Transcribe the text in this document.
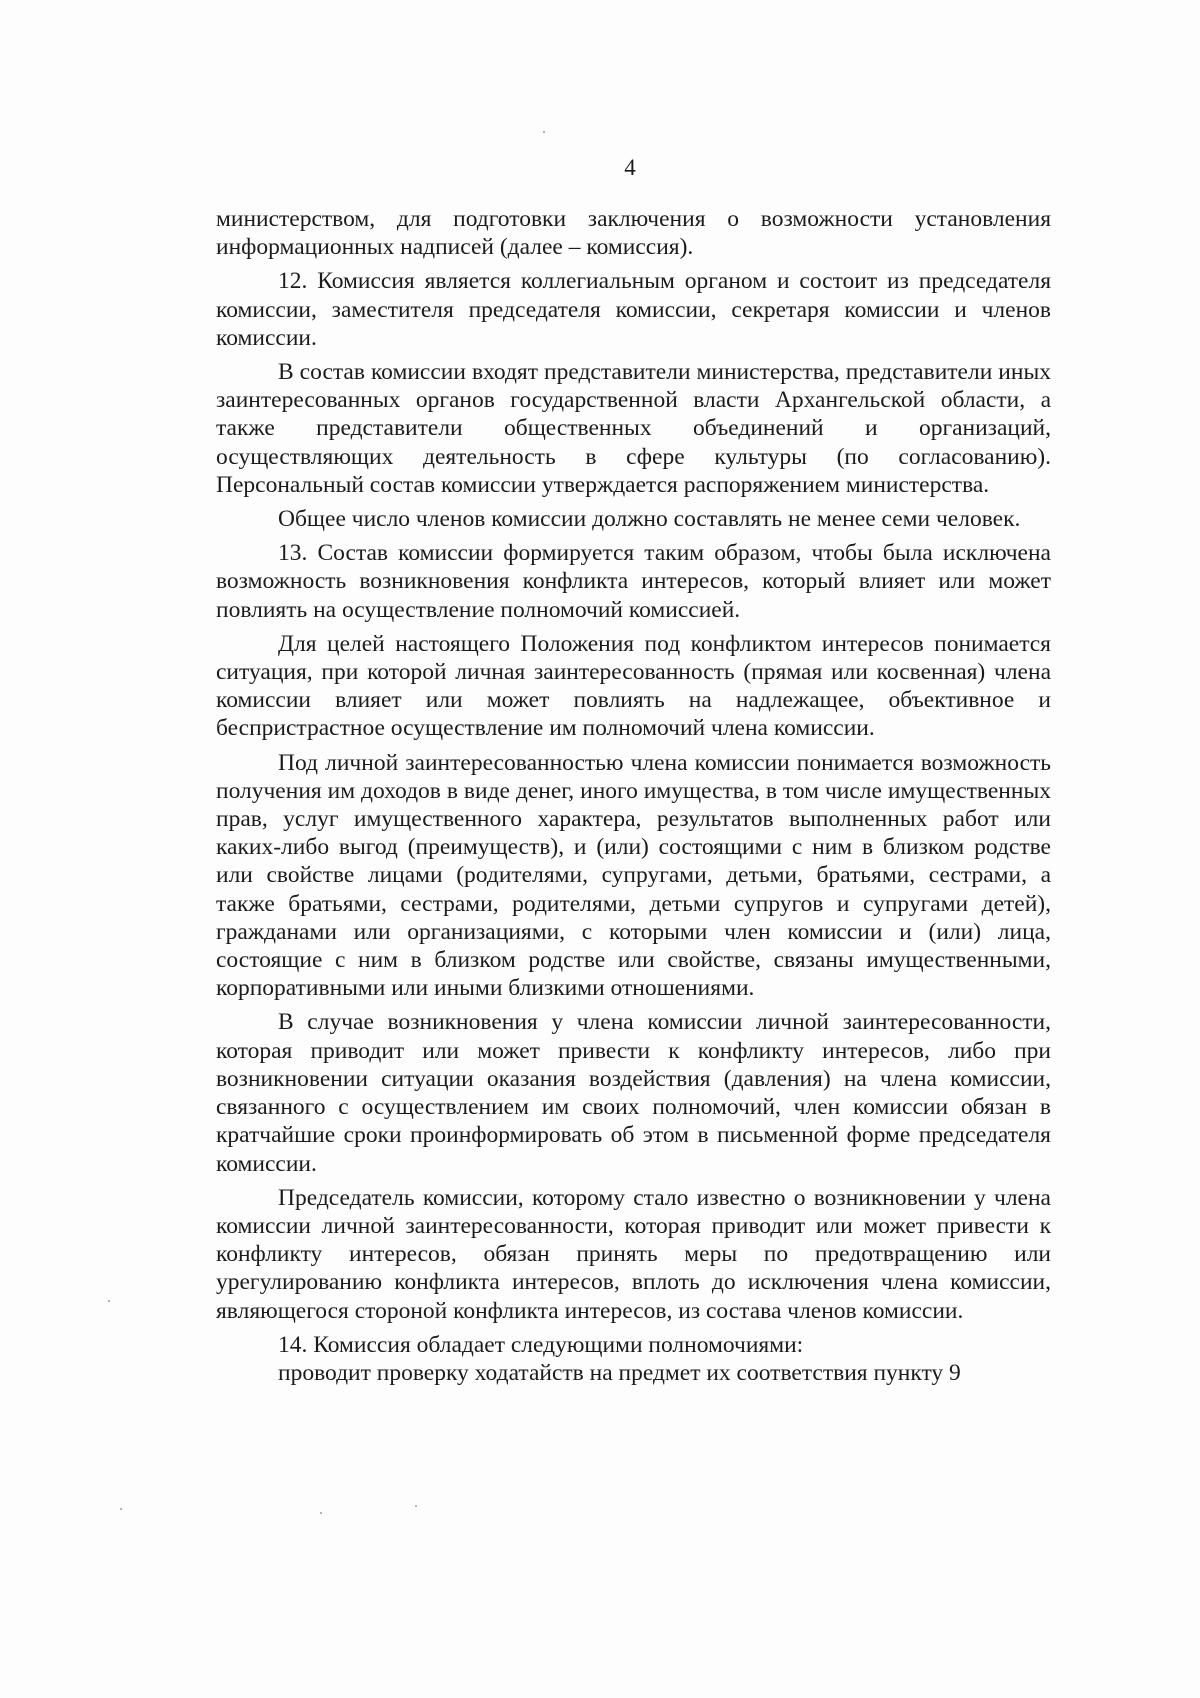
4

министерством, для подготовки заключения о возможности установления информационных надписей (далее – комиссия).

12. Комиссия является коллегиальным органом и состоит из председателя комиссии, заместителя председателя комиссии, секретаря комиссии и членов комиссии.

В состав комиссии входят представители министерства, представители иных заинтересованных органов государственной власти Архангельской области, а также представители общественных объединений и организаций, осуществляющих деятельность в сфере культуры (по согласованию). Персональный состав комиссии утверждается распоряжением министерства.

Общее число членов комиссии должно составлять не менее семи человек.

13. Состав комиссии формируется таким образом, чтобы была исключена возможность возникновения конфликта интересов, который влияет или может повлиять на осуществление полномочий комиссией.

Для целей настоящего Положения под конфликтом интересов понимается ситуация, при которой личная заинтересованность (прямая или косвенная) члена комиссии влияет или может повлиять на надлежащее, объективное и беспристрастное осуществление им полномочий члена комиссии.

Под личной заинтересованностью члена комиссии понимается возможность получения им доходов в виде денег, иного имущества, в том числе имущественных прав, услуг имущественного характера, результатов выполненных работ или каких-либо выгод (преимуществ), и (или) состоящими с ним в близком родстве или свойстве лицами (родителями, супругами, детьми, братьями, сестрами, а также братьями, сестрами, родителями, детьми супругов и супругами детей), гражданами или организациями, с которыми член комиссии и (или) лица, состоящие с ним в близком родстве или свойстве, связаны имущественными, корпоративными или иными близкими отношениями.

В случае возникновения у члена комиссии личной заинтересованности, которая приводит или может привести к конфликту интересов, либо при возникновении ситуации оказания воздействия (давления) на члена комиссии, связанного с осуществлением им своих полномочий, член комиссии обязан в кратчайшие сроки проинформировать об этом в письменной форме председателя комиссии.

Председатель комиссии, которому стало известно о возникновении у члена комиссии личной заинтересованности, которая приводит или может привести к конфликту интересов, обязан принять меры по предотвращению или урегулированию конфликта интересов, вплоть до исключения члена комиссии, являющегося стороной конфликта интересов, из состава членов комиссии.

14. Комиссия обладает следующими полномочиями:

проводит проверку ходатайств на предмет их соответствия пункту 9
